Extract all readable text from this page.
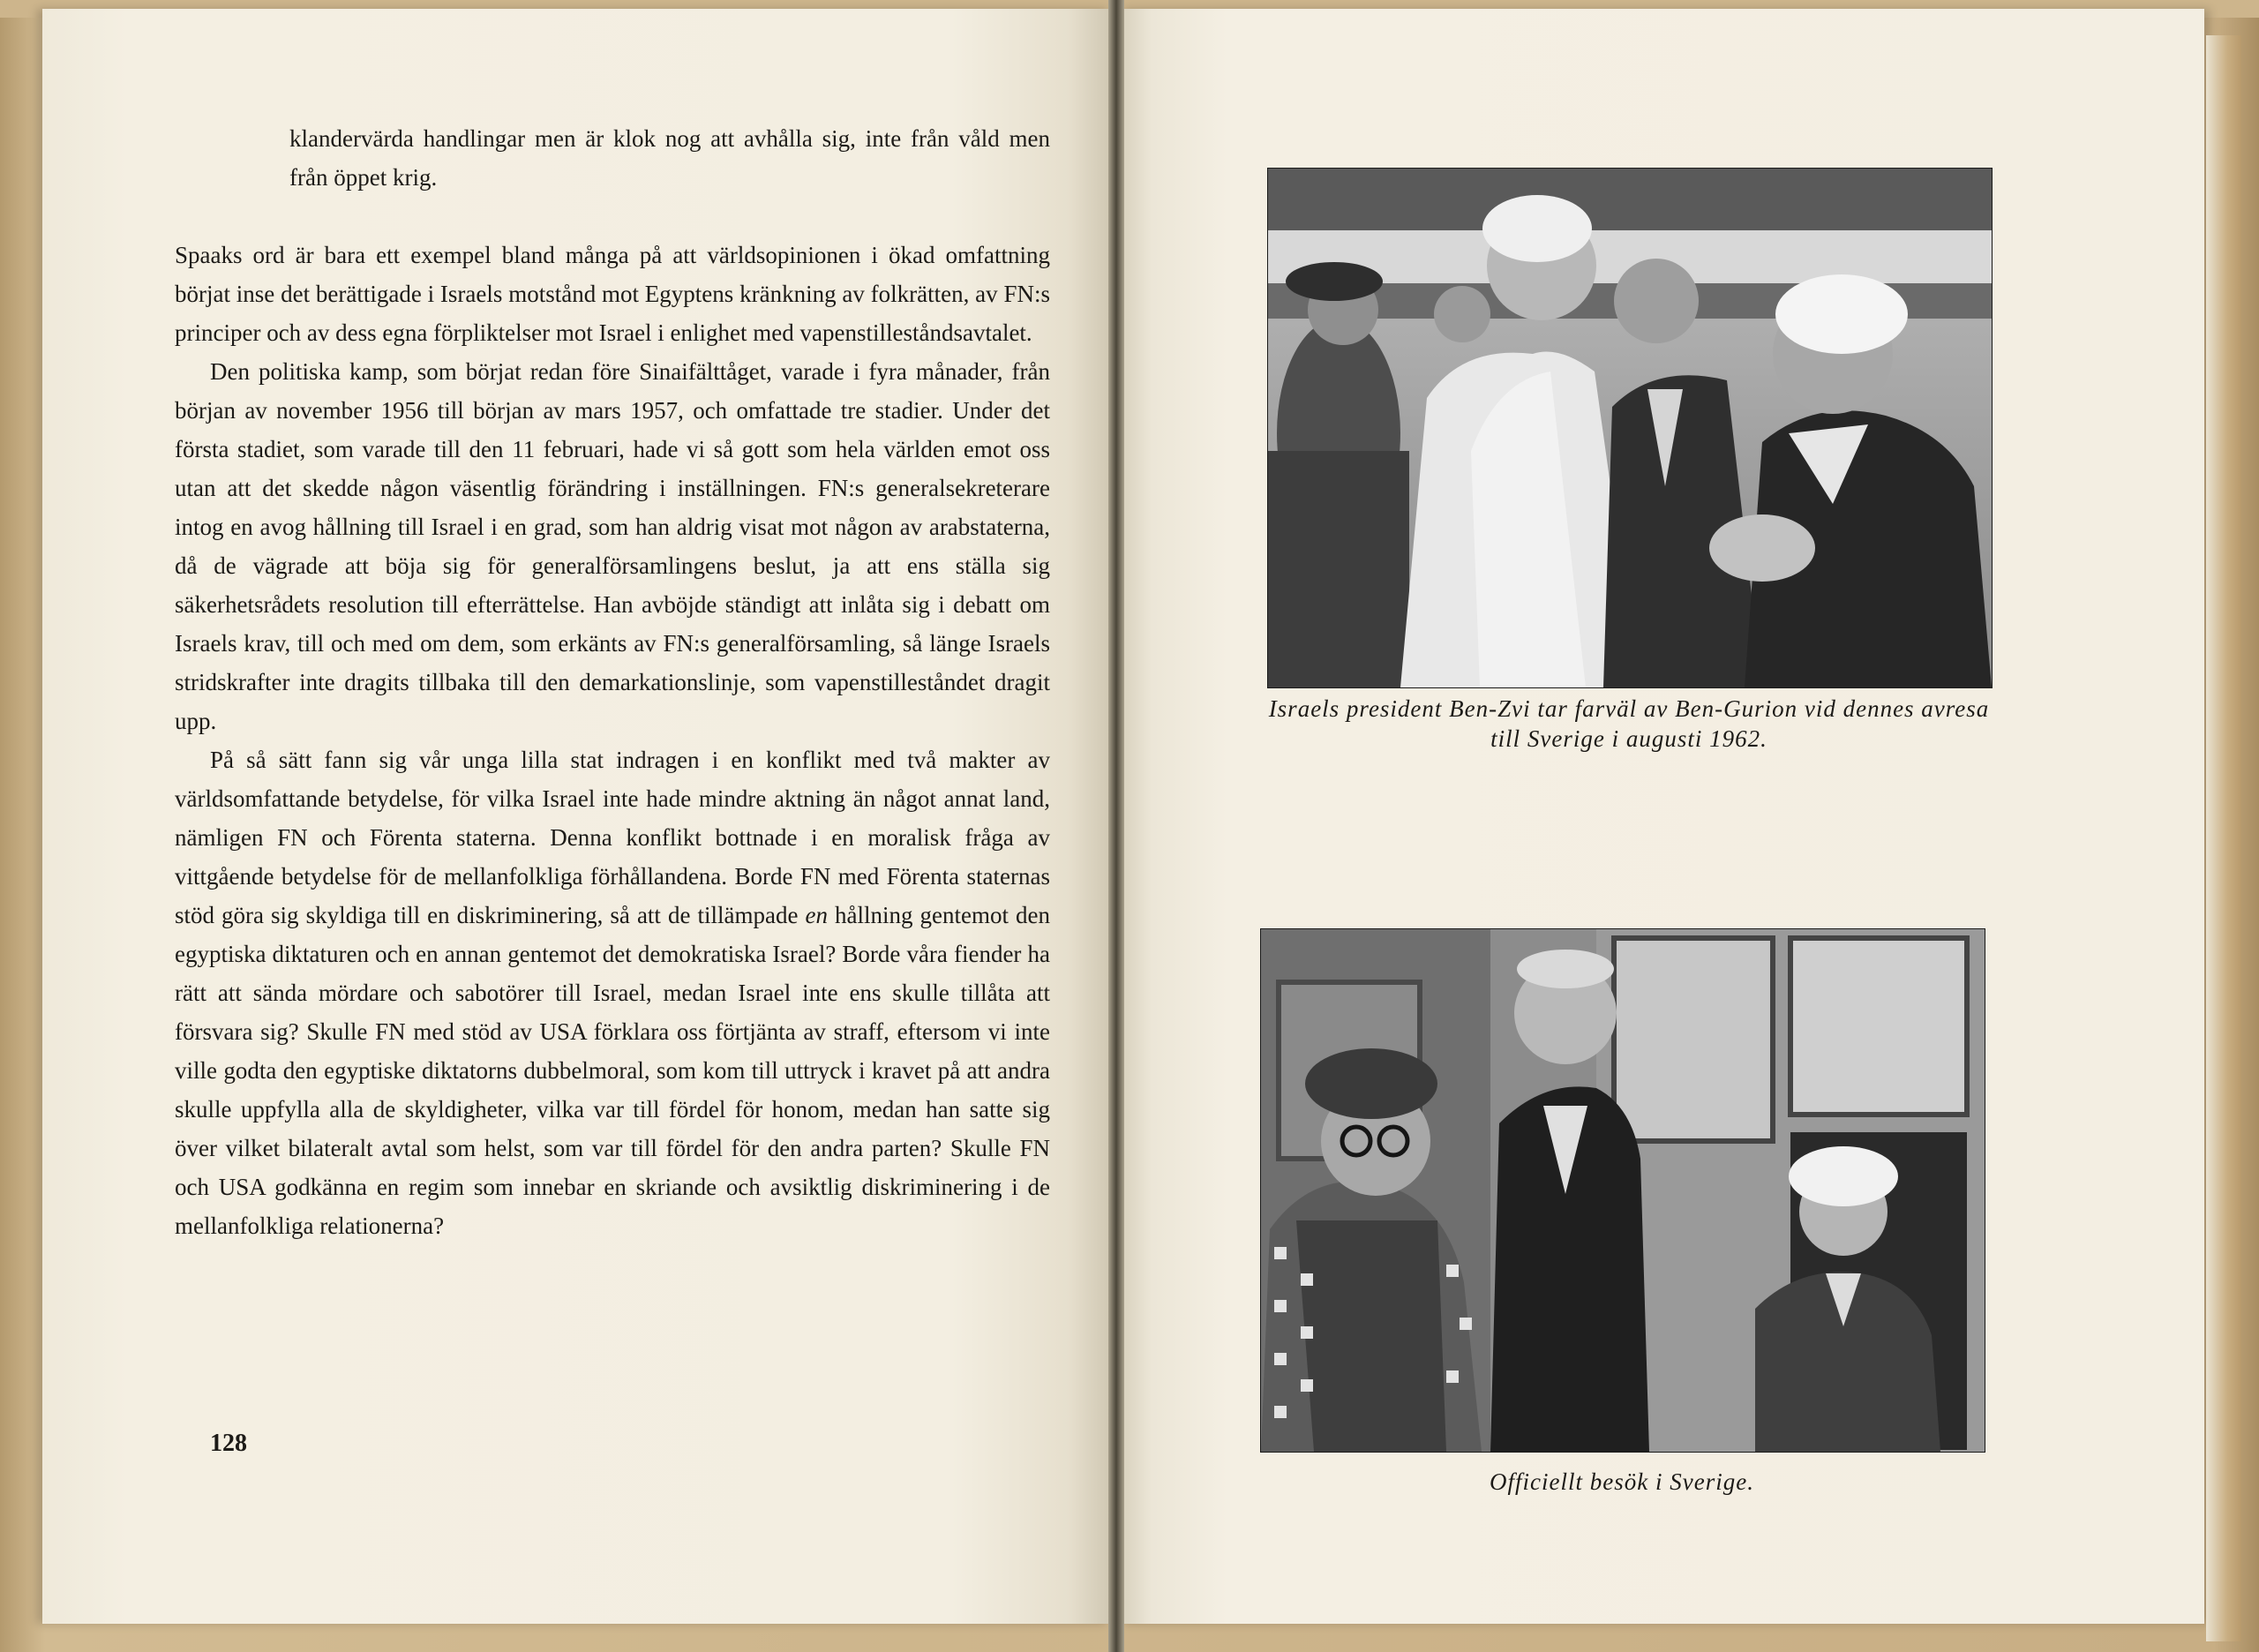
klandervärda handlingar men är klok nog att avhålla sig, inte från våld men från öppet krig.

Spaaks ord är bara ett exempel bland många på att världsopinionen i ökad omfattning börjat inse det berättigade i Israels motstånd mot Egyptens kränkning av folkrätten, av FN:s principer och av dess egna förpliktelser mot Israel i enlighet med vapenstilleståndsavtalet.

Den politiska kamp, som börjat redan före Sinaifälttåget, varade i fyra månader, från början av november 1956 till början av mars 1957, och omfattade tre stadier. Under det första stadiet, som varade till den 11 februari, hade vi så gott som hela världen emot oss utan att det skedde någon väsentlig förändring i inställningen. FN:s generalsekreterare intog en avog hållning till Israel i en grad, som han aldrig visat mot någon av arabstaterna, då de vägrade att böja sig för generalförsamlingens beslut, ja att ens ställa sig säkerhetsrådets resolution till efterrättelse. Han avböjde ständigt att inlåta sig i debatt om Israels krav, till och med om dem, som erkänts av FN:s generalförsamling, så länge Israels stridskrafter inte dragits tillbaka till den demarkationslinje, som vapenstilleståndet dragit upp.

På så sätt fann sig vår unga lilla stat indragen i en konflikt med två makter av världsomfattande betydelse, för vilka Israel inte hade mindre aktning än något annat land, nämligen FN och Förenta staterna. Denna konflikt bottnade i en moralisk fråga av vittgående betydelse för de mellanfolkliga förhållandena. Borde FN med Förenta staternas stöd göra sig skyldiga till en diskriminering, så att de tillämpade en hållning gentemot den egyptiska diktaturen och en annan gentemot det demokratiska Israel? Borde våra fiender ha rätt att sända mördare och sabotörer till Israel, medan Israel inte ens skulle tillåta att försvara sig? Skulle FN med stöd av USA förklara oss förtjänta av straff, eftersom vi inte ville godta den egyptiske diktatorns dubbelmoral, som kom till uttryck i kravet på att andra skulle uppfylla alla de skyldigheter, vilka var till fördel för honom, medan han satte sig över vilket bilateralt avtal som helst, som var till fördel för den andra parten? Skulle FN och USA godkänna en regim som innebar en skriande och avsiktlig diskriminering i de mellanfolkliga relationerna?

128
Israels president Ben-Zvi tar farväl av Ben-Gurion vid dennes avresa till Sverige i augusti 1962.
Officiellt besök i Sverige.
